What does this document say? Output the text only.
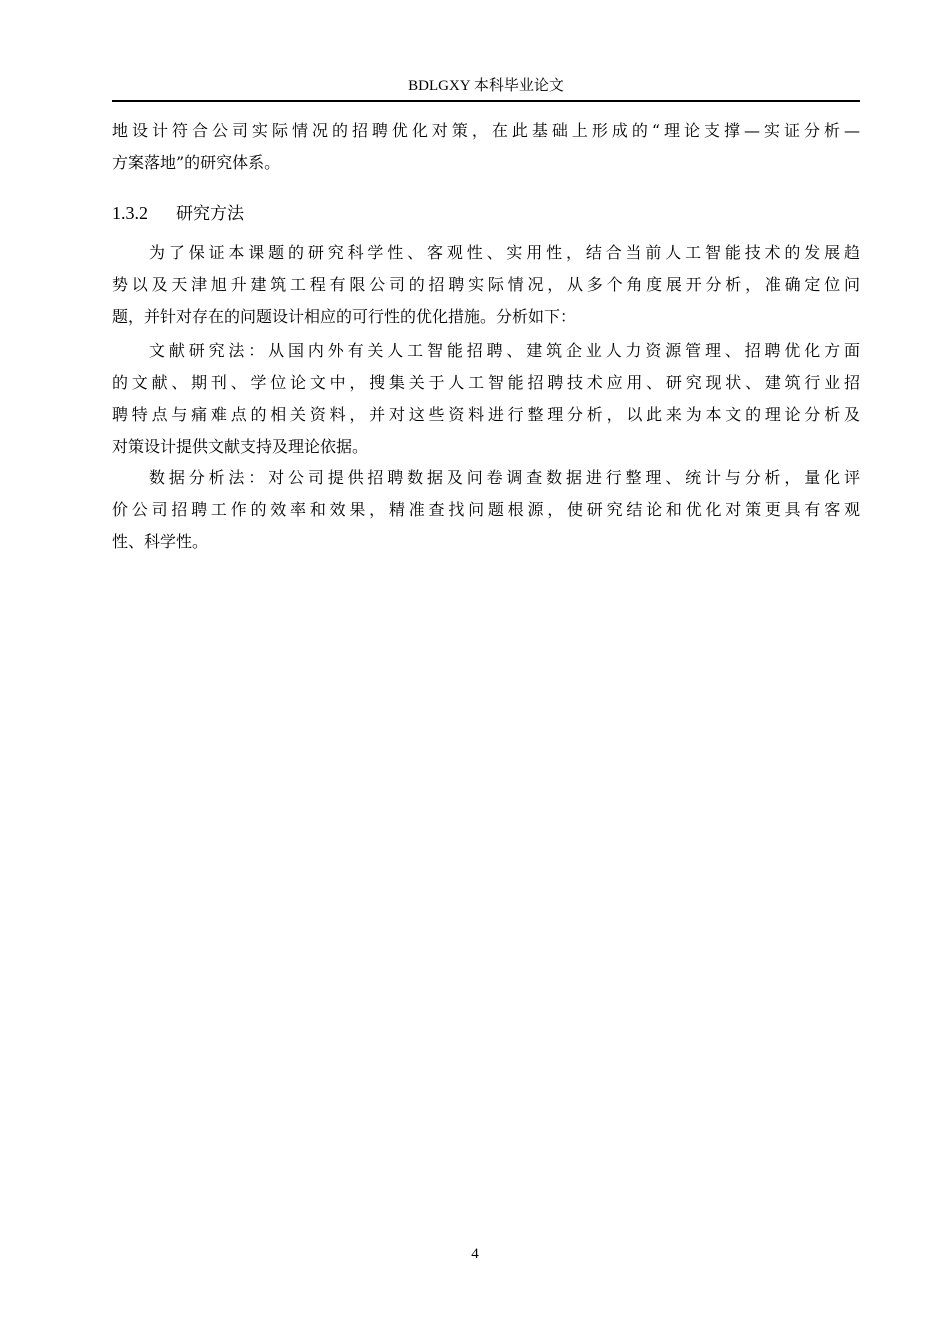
BDLGXY 本科毕业论文
地设计符合公司实际情况的招聘优化对策，在此基础上形成的“理论支撑—实证分析—
方案落地”的研究体系。
1.3.2 研究方法
为了保证本课题的研究科学性、客观性、实用性，结合当前人工智能技术的发展趋
势以及天津旭升建筑工程有限公司的招聘实际情况，从多个角度展开分析，准确定位问
题，并针对存在的问题设计相应的可行性的优化措施。分析如下：
文献研究法：从国内外有关人工智能招聘、建筑企业人力资源管理、招聘优化方面
的文献、期刊、学位论文中，搜集关于人工智能招聘技术应用、研究现状、建筑行业招
聘特点与痛难点的相关资料，并对这些资料进行整理分析，以此来为本文的理论分析及
对策设计提供文献支持及理论依据。
数据分析法：对公司提供招聘数据及问卷调查数据进行整理、统计与分析，量化评
价公司招聘工作的效率和效果，精准查找问题根源，使研究结论和优化对策更具有客观
性、科学性。
4
